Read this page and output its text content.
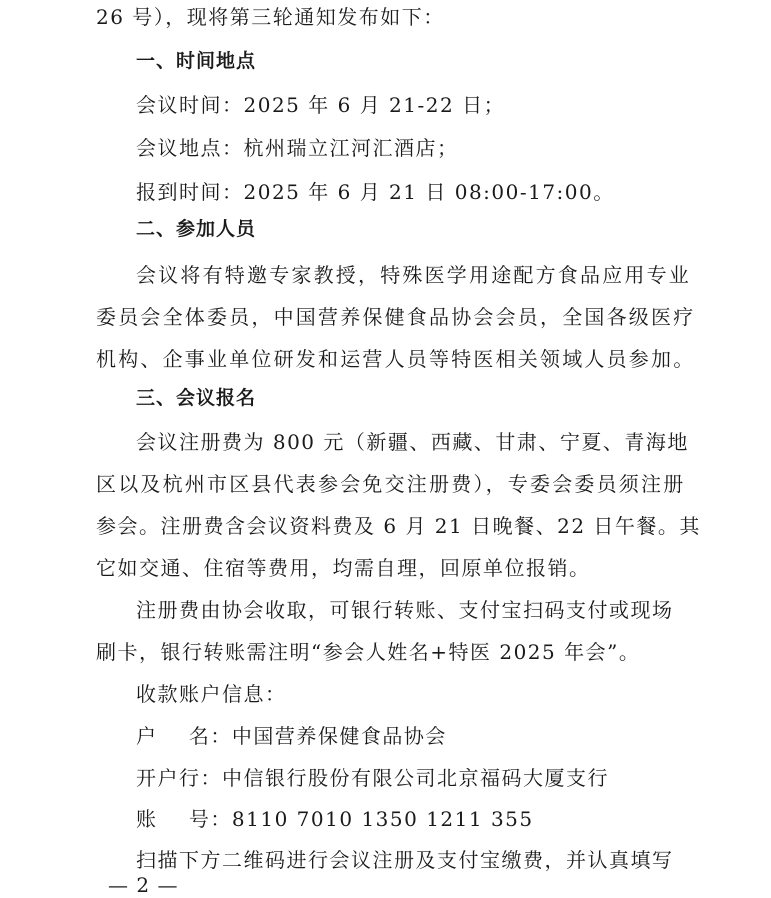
26 号），现将第三轮通知发布如下：
一、时间地点
会议时间：2025 年 6 月 21-22 日；
会议地点：杭州瑞立江河汇酒店；
报到时间：2025 年 6 月 21 日 08:00-17:00。
二、参加人员
会议将有特邀专家教授，特殊医学用途配方食品应用专业
委员会全体委员，中国营养保健食品协会会员，全国各级医疗
机构、企事业单位研发和运营人员等特医相关领域人员参加。
三、会议报名
会议注册费为 800 元（新疆、西藏、甘肃、宁夏、青海地
区以及杭州市区县代表参会免交注册费），专委会委员须注册
参会。注册费含会议资料费及 6 月 21 日晚餐、22 日午餐。其
它如交通、住宿等费用，均需自理，回原单位报销。
注册费由协会收取，可银行转账、支付宝扫码支付或现场
刷卡，银行转账需注明“参会人姓名+特医 2025 年会”。
收款账户信息：
户    名：中国营养保健食品协会
开户行：中信银行股份有限公司北京福码大厦支行
账    号：8110 7010 1350 1211 355
扫描下方二维码进行会议注册及支付宝缴费，并认真填写
— 2 —
